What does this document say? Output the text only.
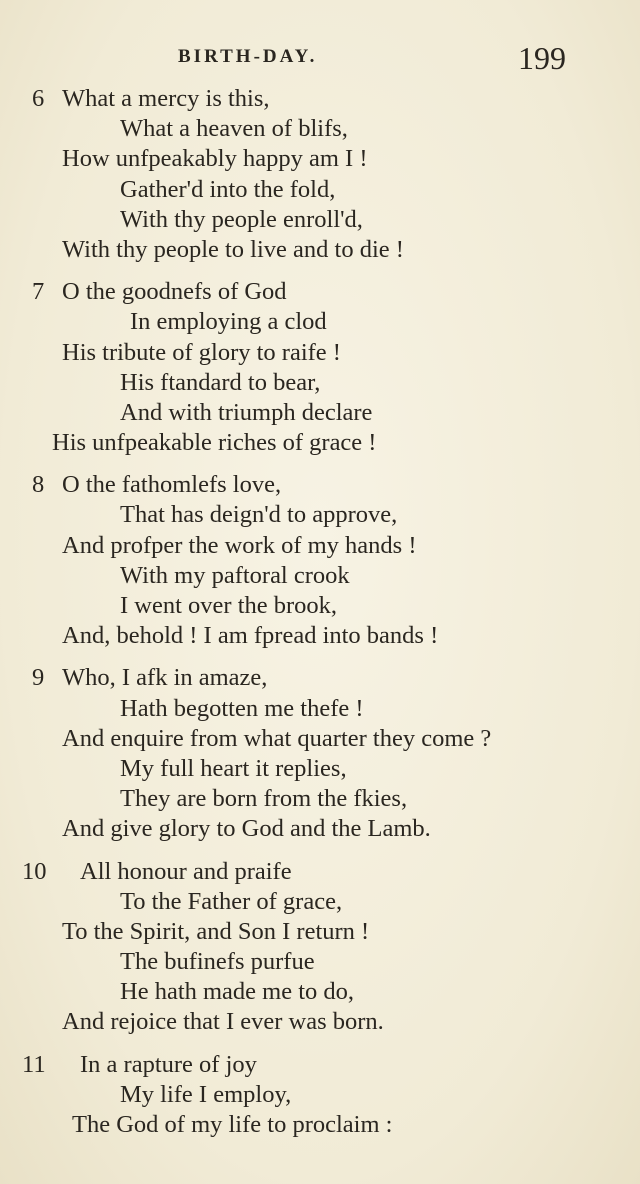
BIRTH-DAY.	199
6 What a mercy is this,
What a heaven of blifs,
How unfpeakably happy am I !
Gather'd into the fold,
With thy people enroll'd,
With thy people to live and to die !
7 O the goodnefs of God
In employing a clod
His tribute of glory to raife !
His ftandard to bear,
And with triumph declare
His unfpeakable riches of grace !
8 O the fathomlefs love,
That has deign'd to approve,
And profper the work of my hands !
With my paftoral crook
I went over the brook,
And, behold ! I am fpread into bands !
9 Who, I afk in amaze,
Hath begotten me thefe !
And enquire from what quarter they come ?
My full heart it replies,
They are born from the fkies,
And give glory to God and the Lamb.
10 All honour and praife
To the Father of grace,
To the Spirit, and Son I return !
The bufinefs purfue
He hath made me to do,
And rejoice that I ever was born.
11 In a rapture of joy
My life I employ,
The God of my life to proclaim :
